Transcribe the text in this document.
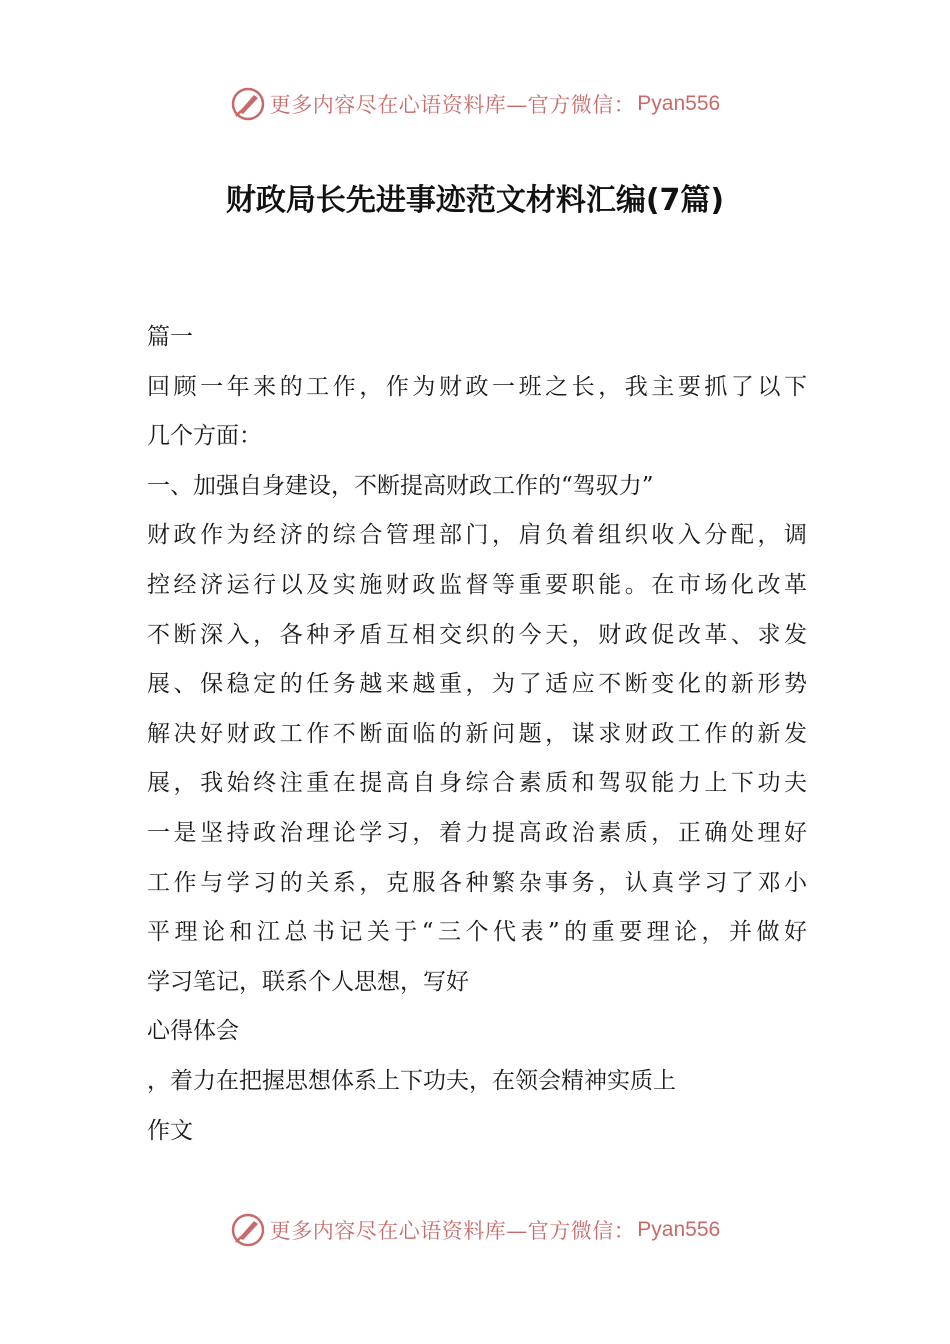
更多内容尽在心语资料库—官方微信： Pyan556
财政局长先进事迹范文材料汇编(7篇)

篇一

回顾一年来的工作，作为财政一班之长，我主要抓了以下

几个方面：

一、加强自身建设，不断提高财政工作的“驾驭力”

财政作为经济的综合管理部门，肩负着组织收入分配，调

控经济运行以及实施财政监督等重要职能。在市场化改革

不断深入，各种矛盾互相交织的今天，财政促改革、求发

展、保稳定的任务越来越重，为了适应不断变化的新形势

解决好财政工作不断面临的新问题，谋求财政工作的新发

展，我始终注重在提高自身综合素质和驾驭能力上下功夫

一是坚持政治理论学习，着力提高政治素质，正确处理好

工作与学习的关系，克服各种繁杂事务，认真学习了邓小

平理论和江总书记关于“三个代表”的重要理论，并做好

学习笔记，联系个人思想，写好

心得体会

，着力在把握思想体系上下功夫，在领会精神实质上

作文

更多内容尽在心语资料库—官方微信： Pyan556
